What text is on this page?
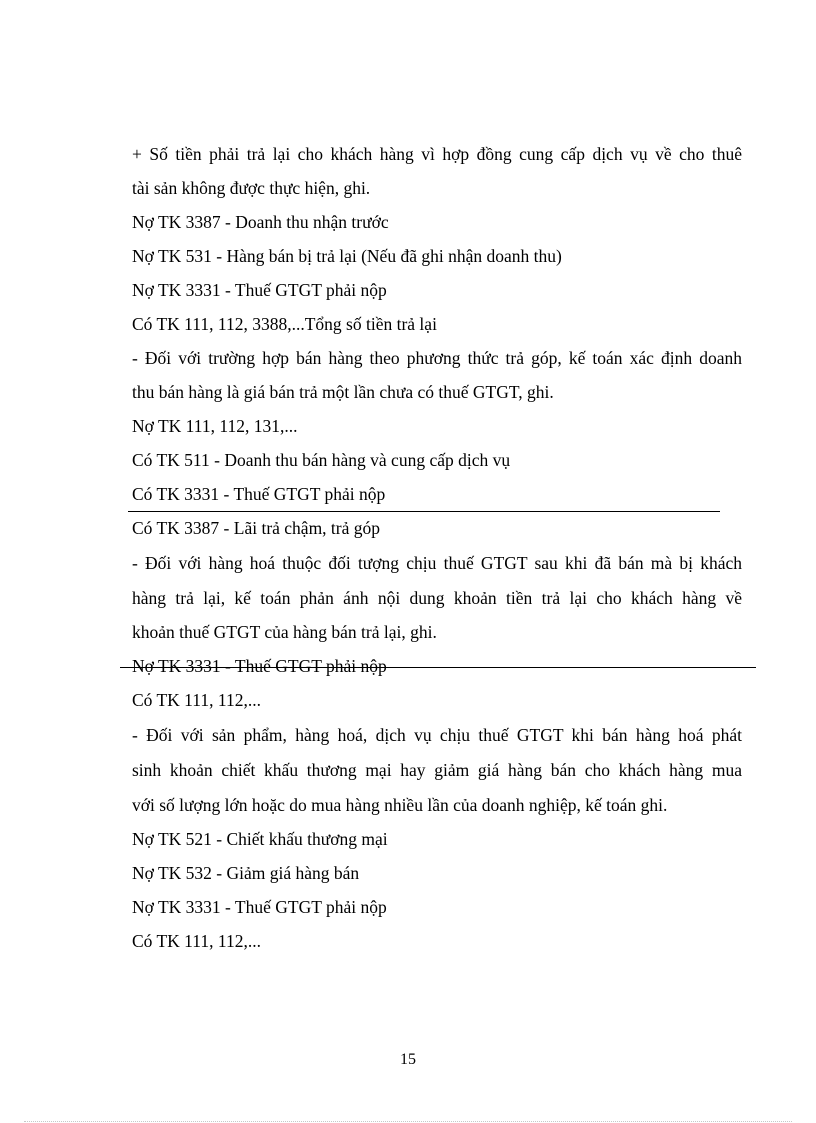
+ Số tiền phải trả lại cho khách hàng vì hợp đồng cung cấp dịch vụ về cho thuê
tài sản không được thực hiện, ghi.
Nợ TK 3387 - Doanh thu nhận trước
Nợ TK 531 - Hàng bán bị trả lại (Nếu đã ghi nhận doanh thu)
Nợ TK 3331 - Thuế GTGT phải nộp
Có TK 111, 112, 3388,...Tổng số tiền trả lại
- Đối với trường hợp bán hàng theo phương thức trả góp, kế toán xác định doanh
thu bán hàng là giá bán trả một lần chưa có thuế GTGT, ghi.
Nợ TK 111, 112, 131,...
Có TK 511 - Doanh thu bán hàng và cung cấp dịch vụ
Có TK 3331 - Thuế GTGT phải nộp
Có TK 3387 - Lãi trả chậm, trả góp
- Đối với hàng hoá thuộc đối tượng chịu thuế GTGT sau khi đã bán mà bị khách
hàng trả lại, kế toán phản ánh nội dung khoản tiền trả lại cho khách hàng về
khoản thuế GTGT của hàng bán trả lại, ghi.
Nợ TK 3331 - Thuế GTGT phải nộp
Có TK 111, 112,...
- Đối với sản phẩm, hàng hoá, dịch vụ chịu thuế GTGT khi bán hàng hoá phát
sinh khoản chiết khấu thương mại hay giảm giá hàng bán cho khách hàng mua
với số lượng lớn hoặc do mua hàng nhiều lần của doanh nghiệp, kế toán ghi.
Nợ TK 521 - Chiết khấu thương mại
Nợ TK 532 - Giảm giá hàng bán
Nợ TK 3331 - Thuế GTGT phải nộp
Có TK 111, 112,...
15
